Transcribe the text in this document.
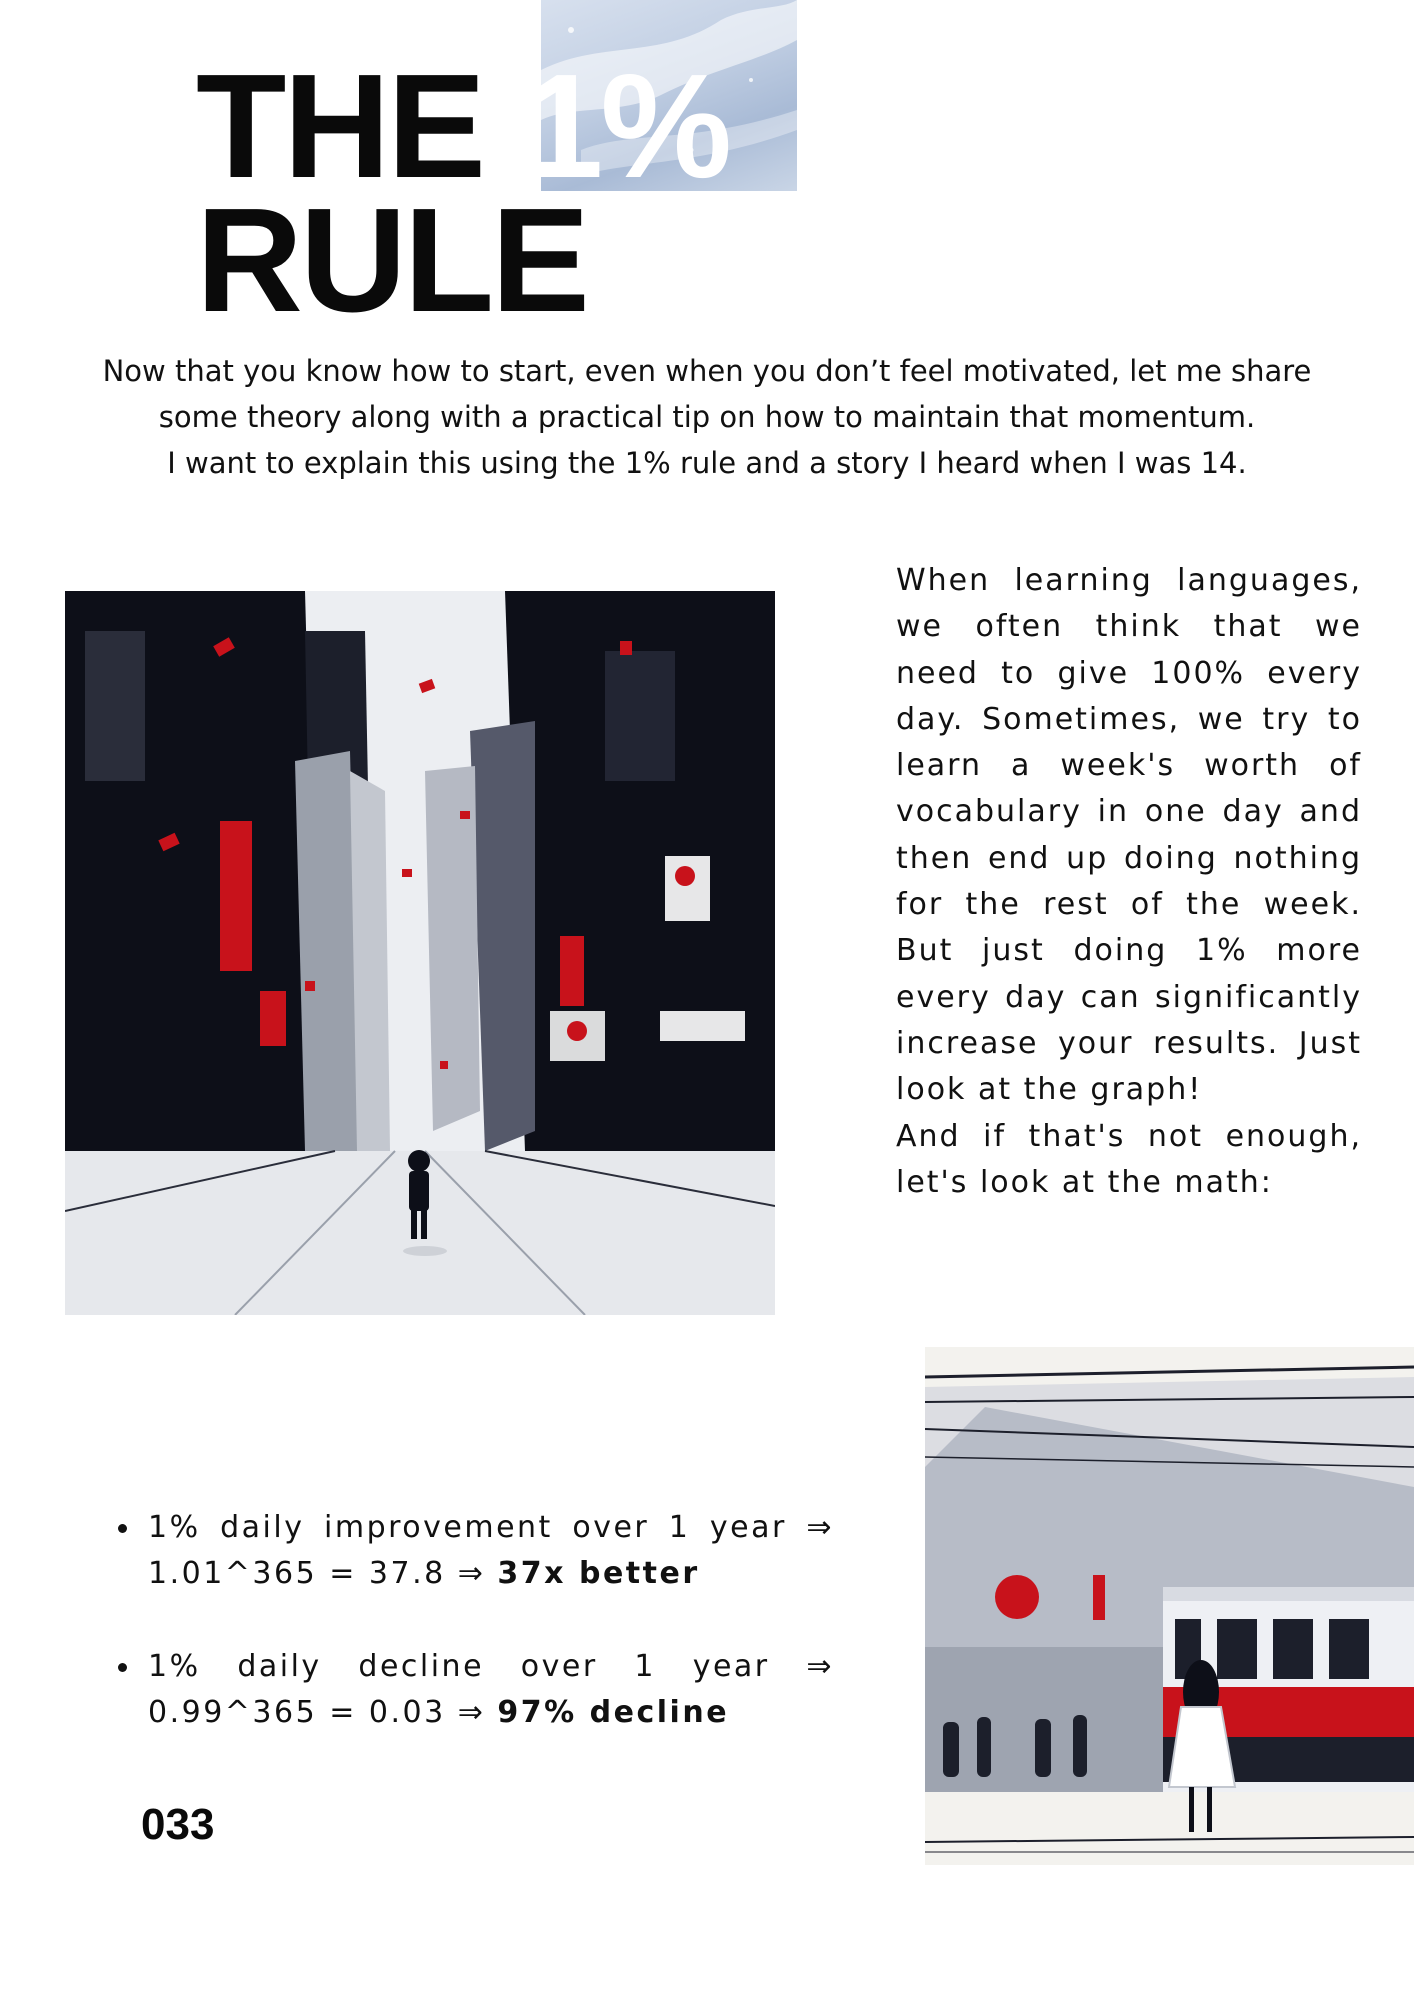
THE 1%
RULE

Now that you know how to start, even when you don’t feel motivated, let me share some theory along with a practical tip on how to maintain that momentum.

I want to explain this using the 1% rule and a story I heard when I was 14.

When learning languages, we often think that we need to give 100% every day. Sometimes, we try to learn a week's worth of vocabulary in one day and then end up doing nothing for the rest of the week. But just doing 1% more every day can significantly increase your results. Just look at the graph!

And if that's not enough, let's look at the math:

1% daily improvement over 1 year ⇒ 1.01^365 = 37.8 ⇒ 37x better
1% daily decline over 1 year ⇒ 0.99^365 = 0.03 ⇒ 97% decline
033
